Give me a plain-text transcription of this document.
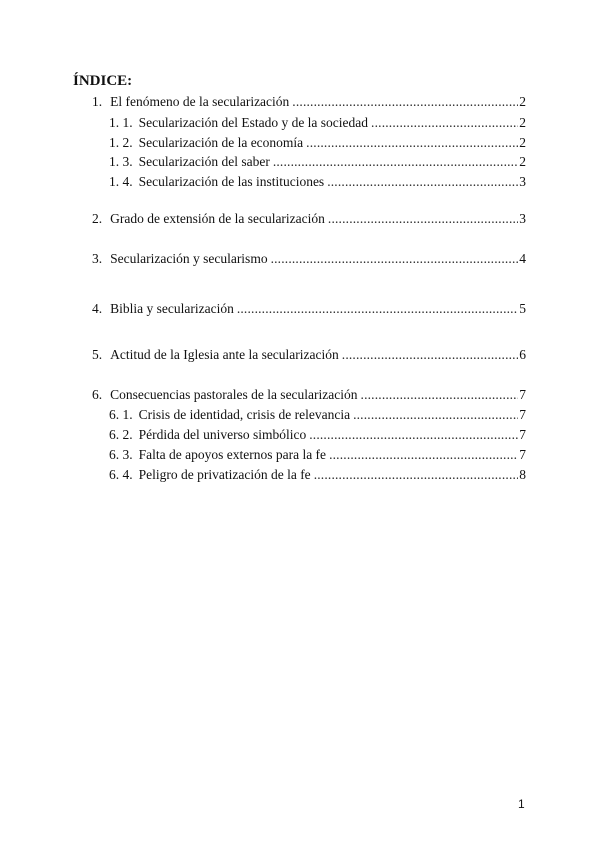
ÍNDICE:
1. El fenómeno de la secularización . . .	2
1. 1. Secularización del Estado y de la sociedad . . .	2
1. 2. Secularización de la economía . . .	2
1. 3. Secularización del saber . . .	2
1. 4. Secularización de las instituciones . . .	3
2. Grado de extensión de la secularización . . .	3
3. Secularización y secularismo . . .	4
4. Biblia y secularización . . .	5
5. Actitud de la Iglesia ante la secularización . . .	6
6. Consecuencias pastorales de la secularización . . .	7
6. 1. Crisis de identidad, crisis de relevancia . . .	7
6. 2. Pérdida del universo simbólico . . .	7
6. 3. Falta de apoyos externos para la fe . . .	7
6. 4. Peligro de privatización de la fe . . .	8
1
